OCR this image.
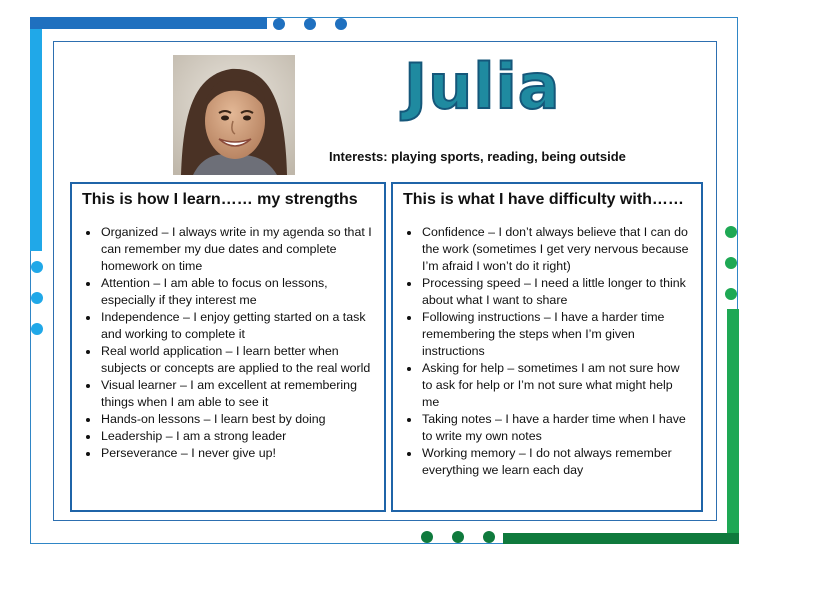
Julia
Interests: playing sports, reading, being outside
This is how I learn…… my strengths
• Organized – I always write in my agenda so that I can remember my due dates and complete homework on time
• Attention – I am able to focus on lessons, especially if they interest me
• Independence – I enjoy getting started on a task and working to complete it
• Real world application – I learn better when subjects or concepts are applied to the real world
• Visual learner – I am excellent at remembering things when I am able to see it
• Hands-on lessons – I learn best by doing
• Leadership – I am a strong leader
• Perseverance – I never give up!
This is what I have difficulty with……
• Confidence – I don’t always believe that I can do the work (sometimes I get very nervous because I’m afraid I won’t do it right)
• Processing speed – I need a little longer to think about what I want to share
• Following instructions – I have a harder time remembering the steps when I’m given instructions
• Asking for help – sometimes I am not sure how to ask for help or I’m not sure what might help me
• Taking notes – I have a harder time when I have to write my own notes
• Working memory – I do not always remember everything we learn each day
